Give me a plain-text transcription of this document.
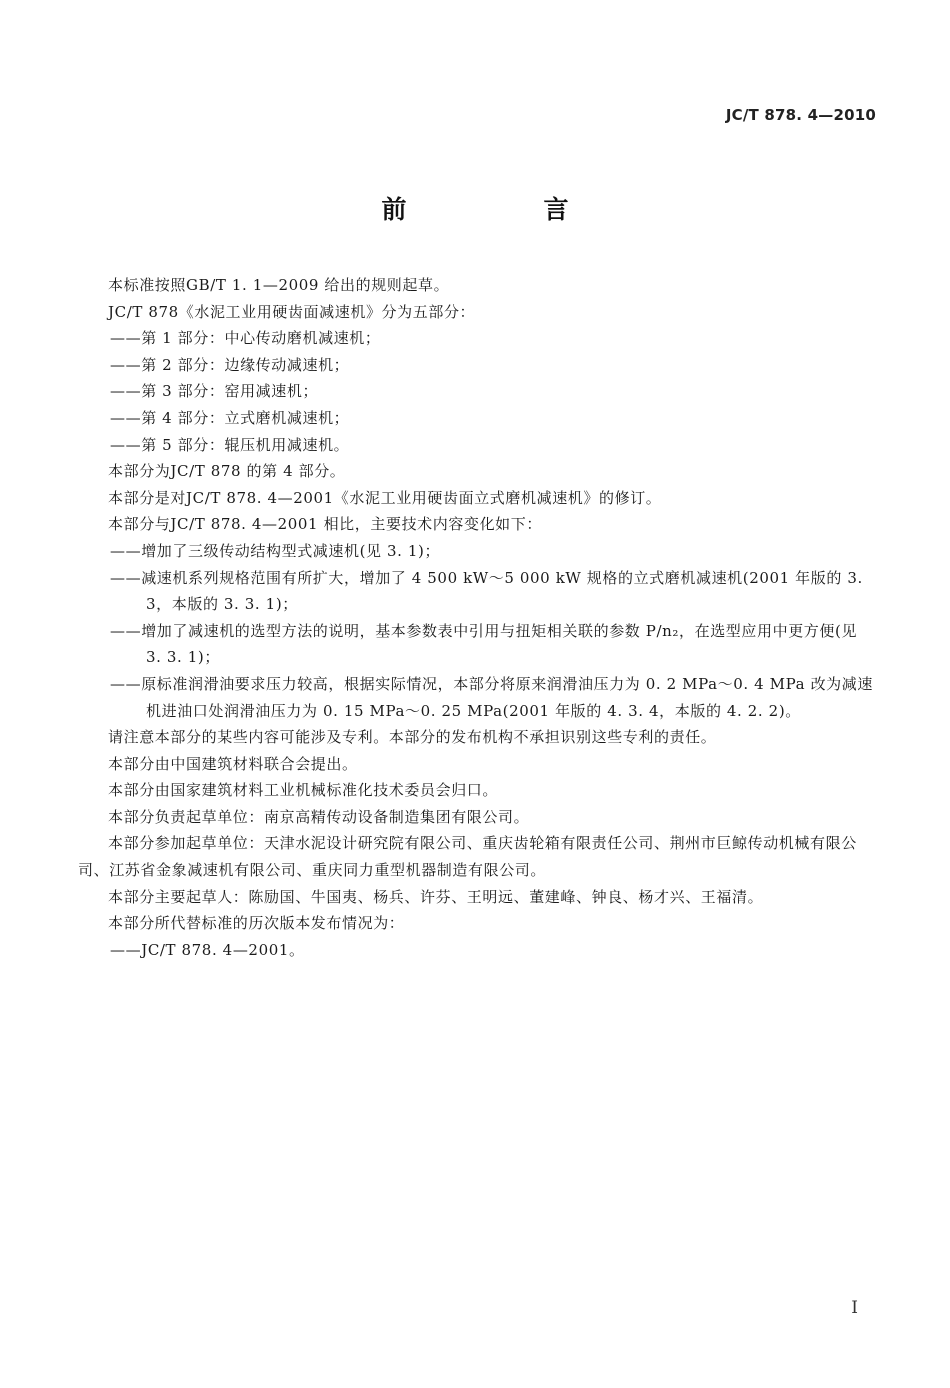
JC/T 878. 4—2010
前　言

本标准按照GB/T 1. 1—2009 给出的规则起草。

JC/T 878《水泥工业用硬齿面减速机》分为五部分：

——第 1 部分：中心传动磨机减速机；

——第 2 部分：边缘传动减速机；

——第 3 部分：窑用减速机；

——第 4 部分：立式磨机减速机；

——第 5 部分：辊压机用减速机。

本部分为JC/T 878 的第 4 部分。

本部分是对JC/T 878. 4—2001《水泥工业用硬齿面立式磨机减速机》的修订。

本部分与JC/T 878. 4—2001 相比，主要技术内容变化如下：

——增加了三级传动结构型式减速机(见 3. 1)；

——减速机系列规格范围有所扩大，增加了 4 500 kW～5 000 kW 规格的立式磨机减速机(2001 年版的 3. 3，本版的 3. 3. 1)；

——增加了减速机的选型方法的说明，基本参数表中引用与扭矩相关联的参数 P/n₂，在选型应用中更方便(见 3. 3. 1)；

——原标准润滑油要求压力较高，根据实际情况，本部分将原来润滑油压力为 0. 2 MPa～0. 4 MPa 改为减速机进油口处润滑油压力为 0. 15 MPa～0. 25 MPa(2001 年版的 4. 3. 4，本版的 4. 2. 2)。

请注意本部分的某些内容可能涉及专利。本部分的发布机构不承担识别这些专利的责任。

本部分由中国建筑材料联合会提出。

本部分由国家建筑材料工业机械标准化技术委员会归口。

本部分负责起草单位：南京高精传动设备制造集团有限公司。

本部分参加起草单位：天津水泥设计研究院有限公司、重庆齿轮箱有限责任公司、荆州市巨鲸传动机械有限公司、江苏省金象减速机有限公司、重庆同力重型机器制造有限公司。

本部分主要起草人：陈励国、牛国夷、杨兵、许芬、王明远、董建峰、钟良、杨才兴、王福清。

本部分所代替标准的历次版本发布情况为：

——JC/T 878. 4—2001。

I
